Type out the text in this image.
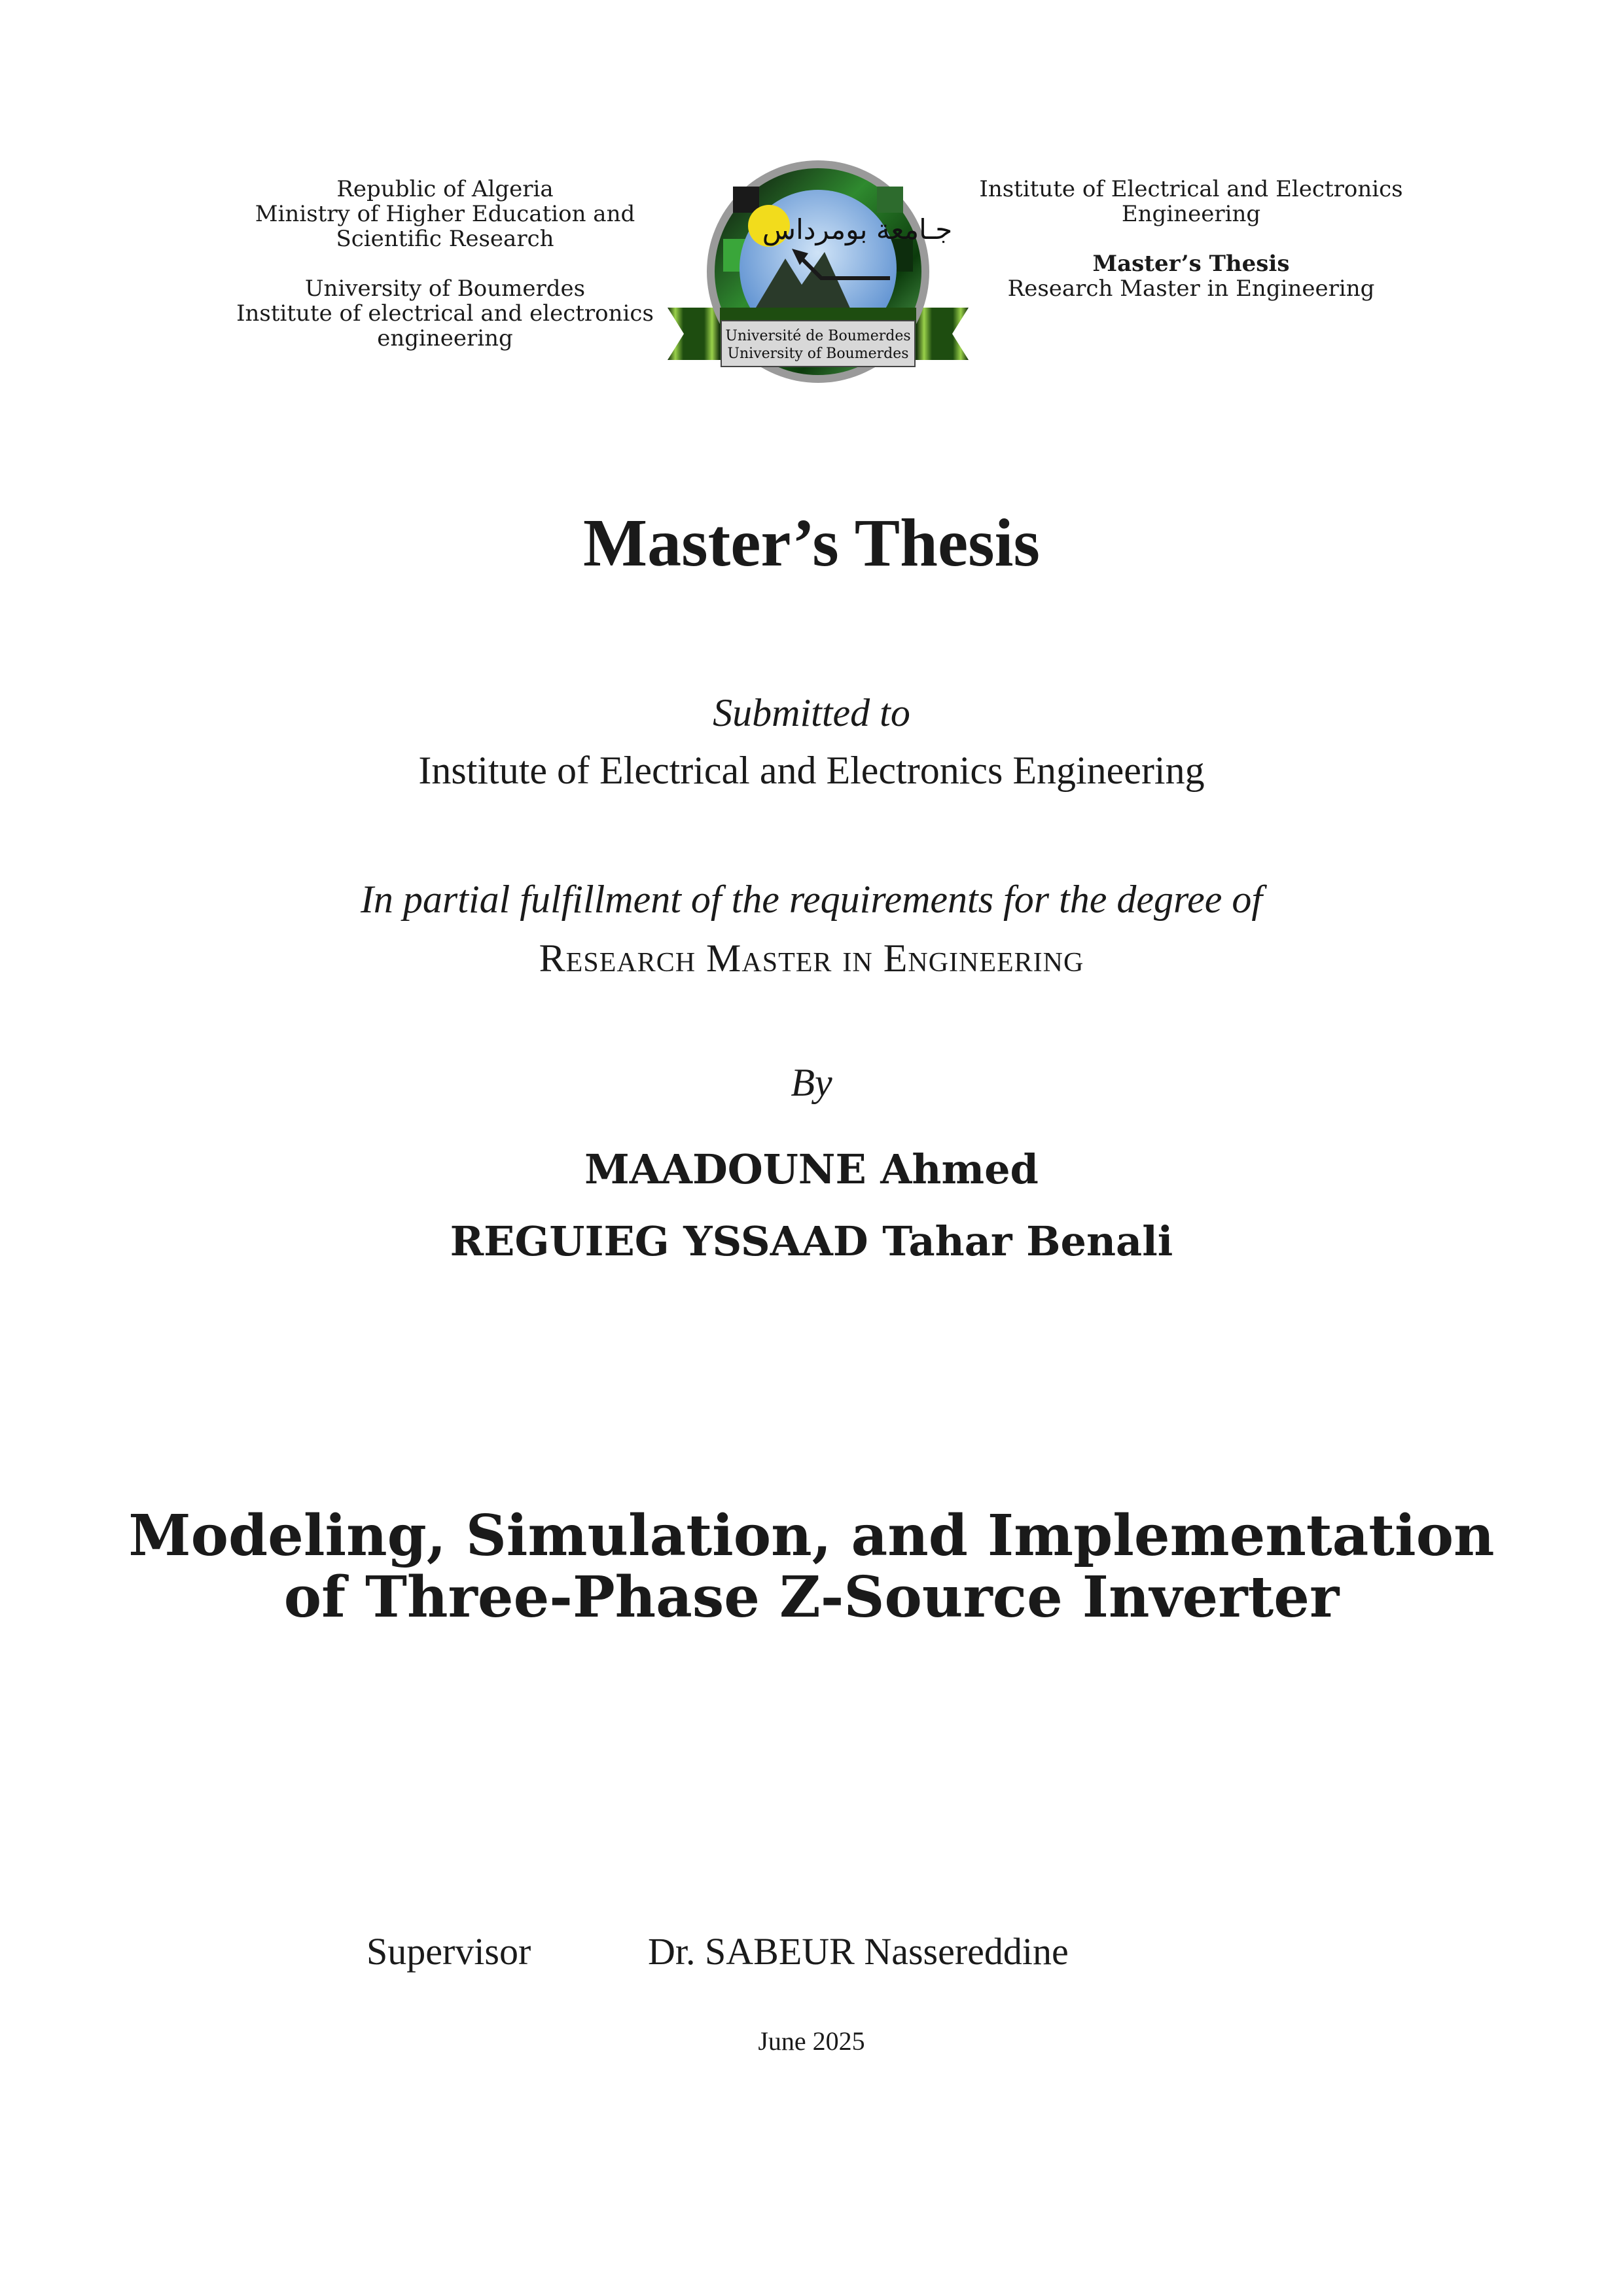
Republic of Algeria
Ministry of Higher Education and
Scientific Research
University of Boumerdes
Institute of electrical and electronics
engineering
جـامعة بومرداس
Université de Boumerdes
University of Boumerdes
Institute of Electrical and Electronics
Engineering
Master’s Thesis
Research Master in Engineering
Master’s Thesis
Submitted to
Institute of Electrical and Electronics Engineering
In partial fulfillment of the requirements for the degree of
Research Master in Engineering
By
MAADOUNE Ahmed
REGUIEG YSSAAD Tahar Benali
Modeling, Simulation, and Implementation
of Three-Phase Z-Source Inverter
Supervisor	Dr. SABEUR Nassereddine
June 2025
